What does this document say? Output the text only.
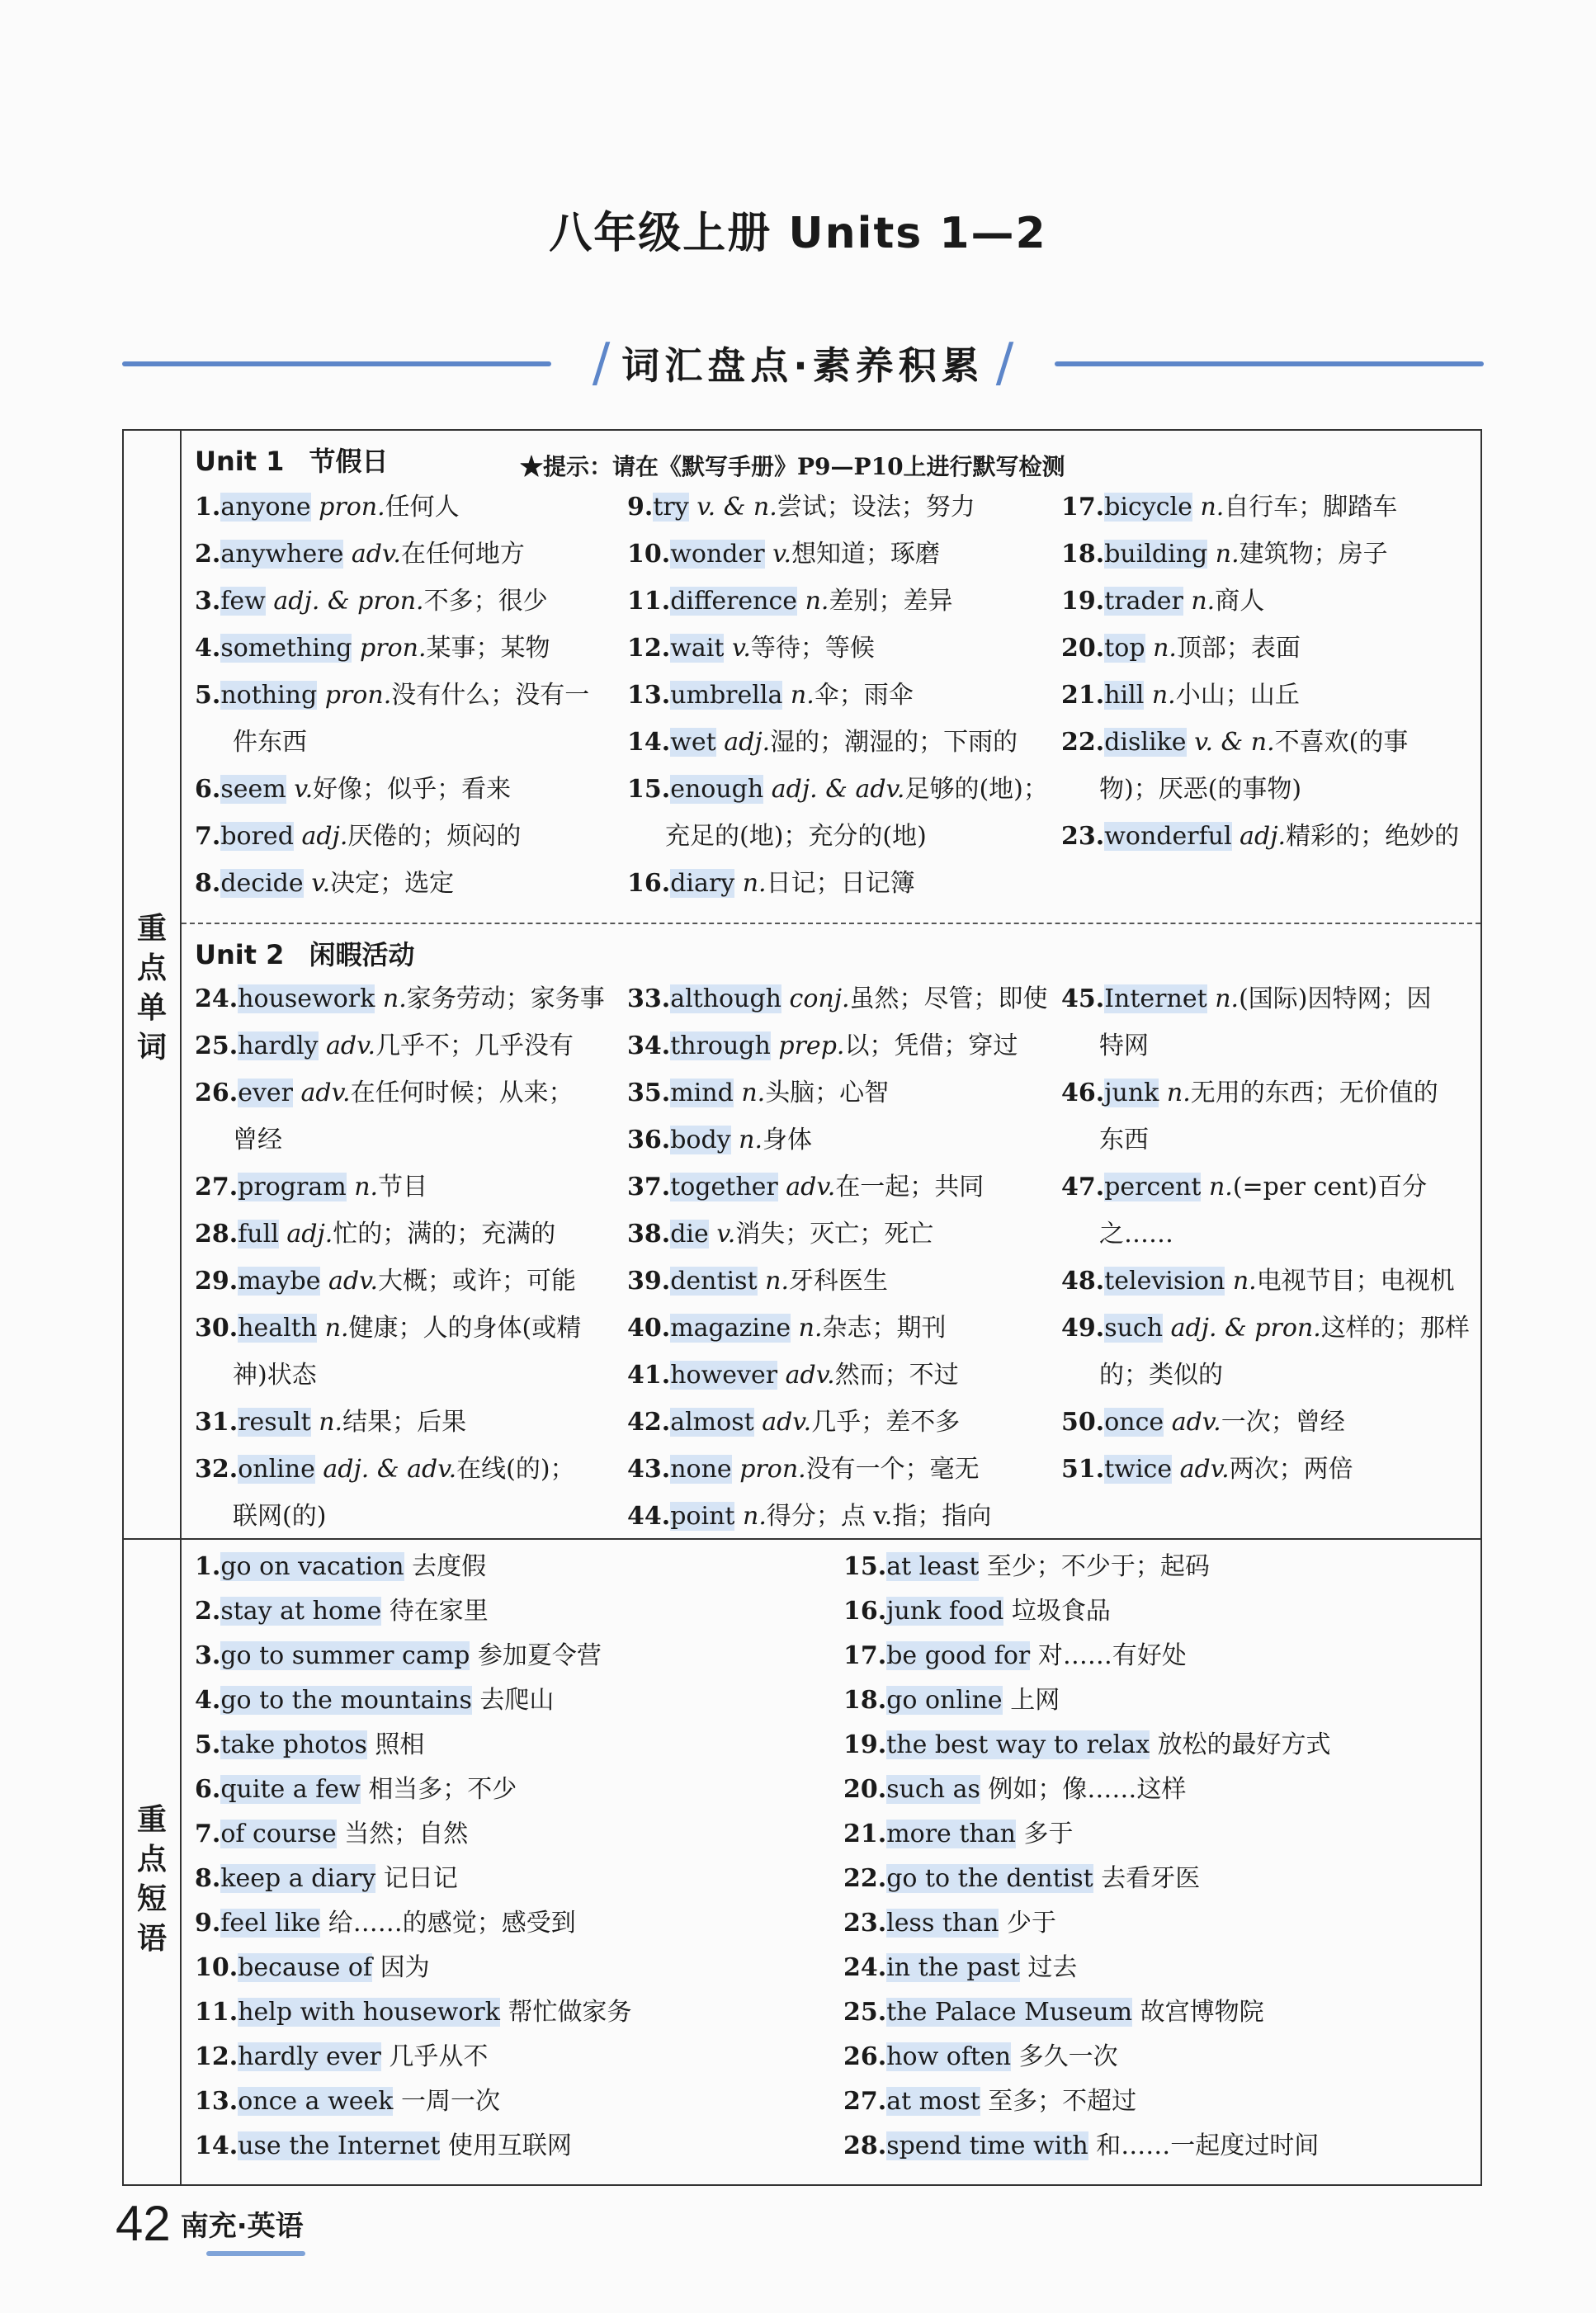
八年级上册 Units 1—2
/ 词汇盘点·素养积累 /
重
点
单
词
重
点
短
语
Unit 1 节假日	★提示：请在《默写手册》P9—P10上进行默写检测
1.anyone pron.任何人
2.anywhere adv.在任何地方
3.few adj. & pron.不多；很少
4.something pron.某事；某物
5.nothing pron.没有什么；没有一
件东西
6.seem v.好像；似乎；看来
7.bored adj.厌倦的；烦闷的
8.decide v.决定；选定
9.try v. & n.尝试；设法；努力
10.wonder v.想知道；琢磨
11.difference n.差别；差异
12.wait v.等待；等候
13.umbrella n.伞；雨伞
14.wet adj.湿的；潮湿的；下雨的
15.enough adj. & adv.足够的(地)；
充足的(地)；充分的(地)
16.diary n.日记；日记簿
17.bicycle n.自行车；脚踏车
18.building n.建筑物；房子
19.trader n.商人
20.top n.顶部；表面
21.hill n.小山；山丘
22.dislike v. & n.不喜欢(的事
物)；厌恶(的事物)
23.wonderful adj.精彩的；绝妙的
Unit 2 闲暇活动
24.housework n.家务劳动；家务事
25.hardly adv.几乎不；几乎没有
26.ever adv.在任何时候；从来；
曾经
27.program n.节目
28.full adj.忙的；满的；充满的
29.maybe adv.大概；或许；可能
30.health n.健康；人的身体(或精
神)状态
31.result n.结果；后果
32.online adj. & adv.在线(的)；
联网(的)
33.although conj.虽然；尽管；即使
34.through prep.以；凭借；穿过
35.mind n.头脑；心智
36.body n.身体
37.together adv.在一起；共同
38.die v.消失；灭亡；死亡
39.dentist n.牙科医生
40.magazine n.杂志；期刊
41.however adv.然而；不过
42.almost adv.几乎；差不多
43.none pron.没有一个；毫无
44.point n.得分；点 v.指；指向
45.Internet n.(国际)因特网；因
特网
46.junk n.无用的东西；无价值的
东西
47.percent n.(=per cent)百分
之……
48.television n.电视节目；电视机
49.such adj. & pron.这样的；那样
的；类似的
50.once adv.一次；曾经
51.twice adv.两次；两倍
1.go on vacation 去度假
2.stay at home 待在家里
3.go to summer camp 参加夏令营
4.go to the mountains 去爬山
5.take photos 照相
6.quite a few 相当多；不少
7.of course 当然；自然
8.keep a diary 记日记
9.feel like 给……的感觉；感受到
10.because of 因为
11.help with housework 帮忙做家务
12.hardly ever 几乎从不
13.once a week 一周一次
14.use the Internet 使用互联网
15.at least 至少；不少于；起码
16.junk food 垃圾食品
17.be good for 对……有好处
18.go online 上网
19.the best way to relax 放松的最好方式
20.such as 例如；像……这样
21.more than 多于
22.go to the dentist 去看牙医
23.less than 少于
24.in the past 过去
25.the Palace Museum 故宫博物院
26.how often 多久一次
27.at most 至多；不超过
28.spend time with 和……一起度过时间
42 南充·英语
